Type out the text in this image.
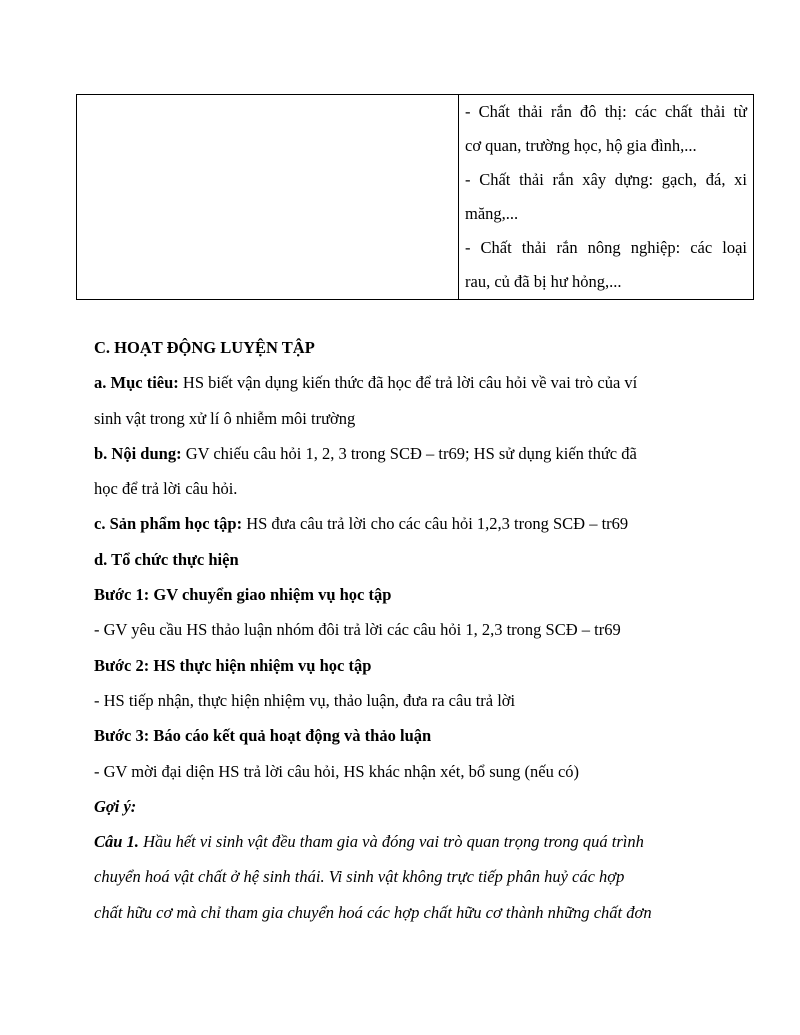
- Chất thải rắn đô thị: các chất thải từ
cơ quan, trường học, hộ gia đình,...
- Chất thải rắn xây dựng: gạch, đá, xi
măng,...
- Chất thải rắn nông nghiệp: các loại
rau, củ đã bị hư hỏng,...
C. HOẠT ĐỘNG LUYỆN TẬP
a. Mục tiêu: HS biết vận dụng kiến thức đã học để trả lời câu hỏi về vai trò của ví
sinh vật trong xử lí ô nhiễm môi trường
b. Nội dung: GV chiếu câu hỏi 1, 2, 3 trong SCĐ – tr69; HS sử dụng kiến thức đã
học để trả lời câu hỏi.
c. Sản phẩm học tập: HS đưa câu trả lời cho các câu hỏi 1,2,3 trong SCĐ – tr69
d. Tổ chức thực hiện
Bước 1: GV chuyển giao nhiệm vụ học tập
- GV yêu cầu HS thảo luận nhóm đôi trả lời các câu hỏi 1, 2,3 trong SCĐ – tr69
Bước 2: HS thực hiện nhiệm vụ học tập
- HS tiếp nhận, thực hiện nhiệm vụ, thảo luận, đưa ra câu trả lời
Bước 3: Báo cáo kết quả hoạt động và thảo luận
- GV mời đại diện HS trả lời câu hỏi, HS khác nhận xét, bổ sung (nếu có)
Gợi ý:
Câu 1. Hầu hết vi sinh vật đều tham gia và đóng vai trò quan trọng trong quá trình
chuyển hoá vật chất ở hệ sinh thái. Vi sinh vật không trực tiếp phân huỷ các hợp
chất hữu cơ mà chỉ tham gia chuyển hoá các hợp chất hữu cơ thành những chất đơn
